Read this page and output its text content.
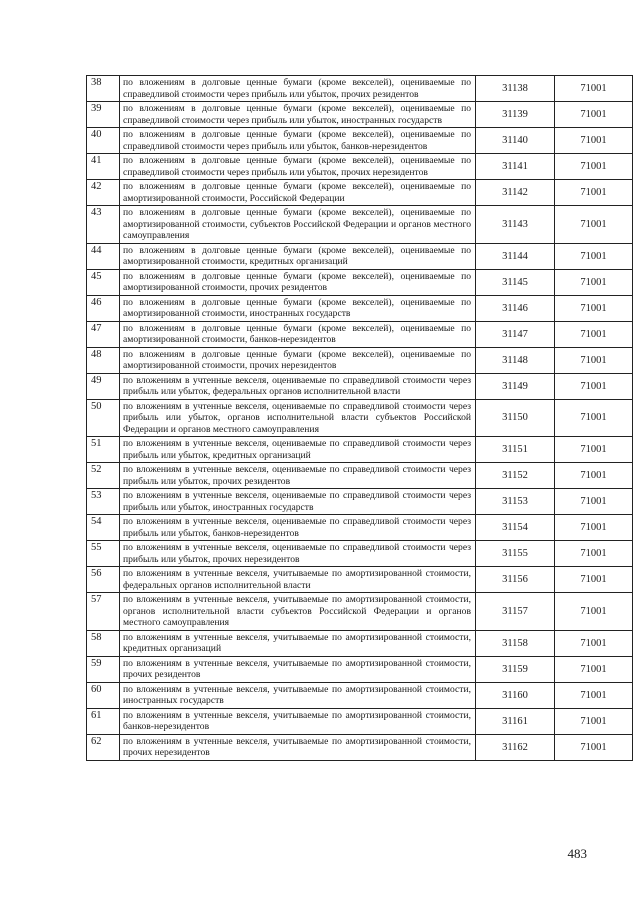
38	по вложениям в долговые ценные бумаги (кроме векселей), оцениваемые по справедливой стоимости через прибыль или убыток, прочих резидентов	31138	71001
39	по вложениям в долговые ценные бумаги (кроме векселей), оцениваемые по справедливой стоимости через прибыль или убыток, иностранных государств	31139	71001
40	по вложениям в долговые ценные бумаги (кроме векселей), оцениваемые по справедливой стоимости через прибыль или убыток, банков-нерезидентов	31140	71001
41	по вложениям в долговые ценные бумаги (кроме векселей), оцениваемые по справедливой стоимости через прибыль или убыток, прочих нерезидентов	31141	71001
42	по вложениям в долговые ценные бумаги (кроме векселей), оцениваемые по амортизированной стоимости, Российской Федерации	31142	71001
43	по вложениям в долговые ценные бумаги (кроме векселей), оцениваемые по амортизированной стоимости, субъектов Российской Федерации и органов местного самоуправления	31143	71001
44	по вложениям в долговые ценные бумаги (кроме векселей), оцениваемые по амортизированной стоимости, кредитных организаций	31144	71001
45	по вложениям в долговые ценные бумаги (кроме векселей), оцениваемые по амортизированной стоимости, прочих резидентов	31145	71001
46	по вложениям в долговые ценные бумаги (кроме векселей), оцениваемые по амортизированной стоимости, иностранных государств	31146	71001
47	по вложениям в долговые ценные бумаги (кроме векселей), оцениваемые по амортизированной стоимости, банков-нерезидентов	31147	71001
48	по вложениям в долговые ценные бумаги (кроме векселей), оцениваемые по амортизированной стоимости, прочих нерезидентов	31148	71001
49	по вложениям в учтенные векселя, оцениваемые по справедливой стоимости через прибыль или убыток, федеральных органов исполнительной власти	31149	71001
50	по вложениям в учтенные векселя, оцениваемые по справедливой стоимости через прибыль или убыток, органов исполнительной власти субъектов Российской Федерации и органов местного самоуправления	31150	71001
51	по вложениям в учтенные векселя, оцениваемые по справедливой стоимости через прибыль или убыток, кредитных организаций	31151	71001
52	по вложениям в учтенные векселя, оцениваемые по справедливой стоимости через прибыль или убыток, прочих резидентов	31152	71001
53	по вложениям в учтенные векселя, оцениваемые по справедливой стоимости через прибыль или убыток, иностранных государств	31153	71001
54	по вложениям в учтенные векселя, оцениваемые по справедливой стоимости через прибыль или убыток, банков-нерезидентов	31154	71001
55	по вложениям в учтенные векселя, оцениваемые по справедливой стоимости через прибыль или убыток, прочих нерезидентов	31155	71001
56	по вложениям в учтенные векселя, учитываемые по амортизированной стоимости, федеральных органов исполнительной власти	31156	71001
57	по вложениям в учтенные векселя, учитываемые по амортизированной стоимости, органов исполнительной власти субъектов Российской Федерации и органов местного самоуправления	31157	71001
58	по вложениям в учтенные векселя, учитываемые по амортизированной стоимости, кредитных организаций	31158	71001
59	по вложениям в учтенные векселя, учитываемые по амортизированной стоимости, прочих резидентов	31159	71001
60	по вложениям в учтенные векселя, учитываемые по амортизированной стоимости, иностранных государств	31160	71001
61	по вложениям в учтенные векселя, учитываемые по амортизированной стоимости, банков-нерезидентов	31161	71001
62	по вложениям в учтенные векселя, учитываемые по амортизированной стоимости, прочих нерезидентов	31162	71001
483
